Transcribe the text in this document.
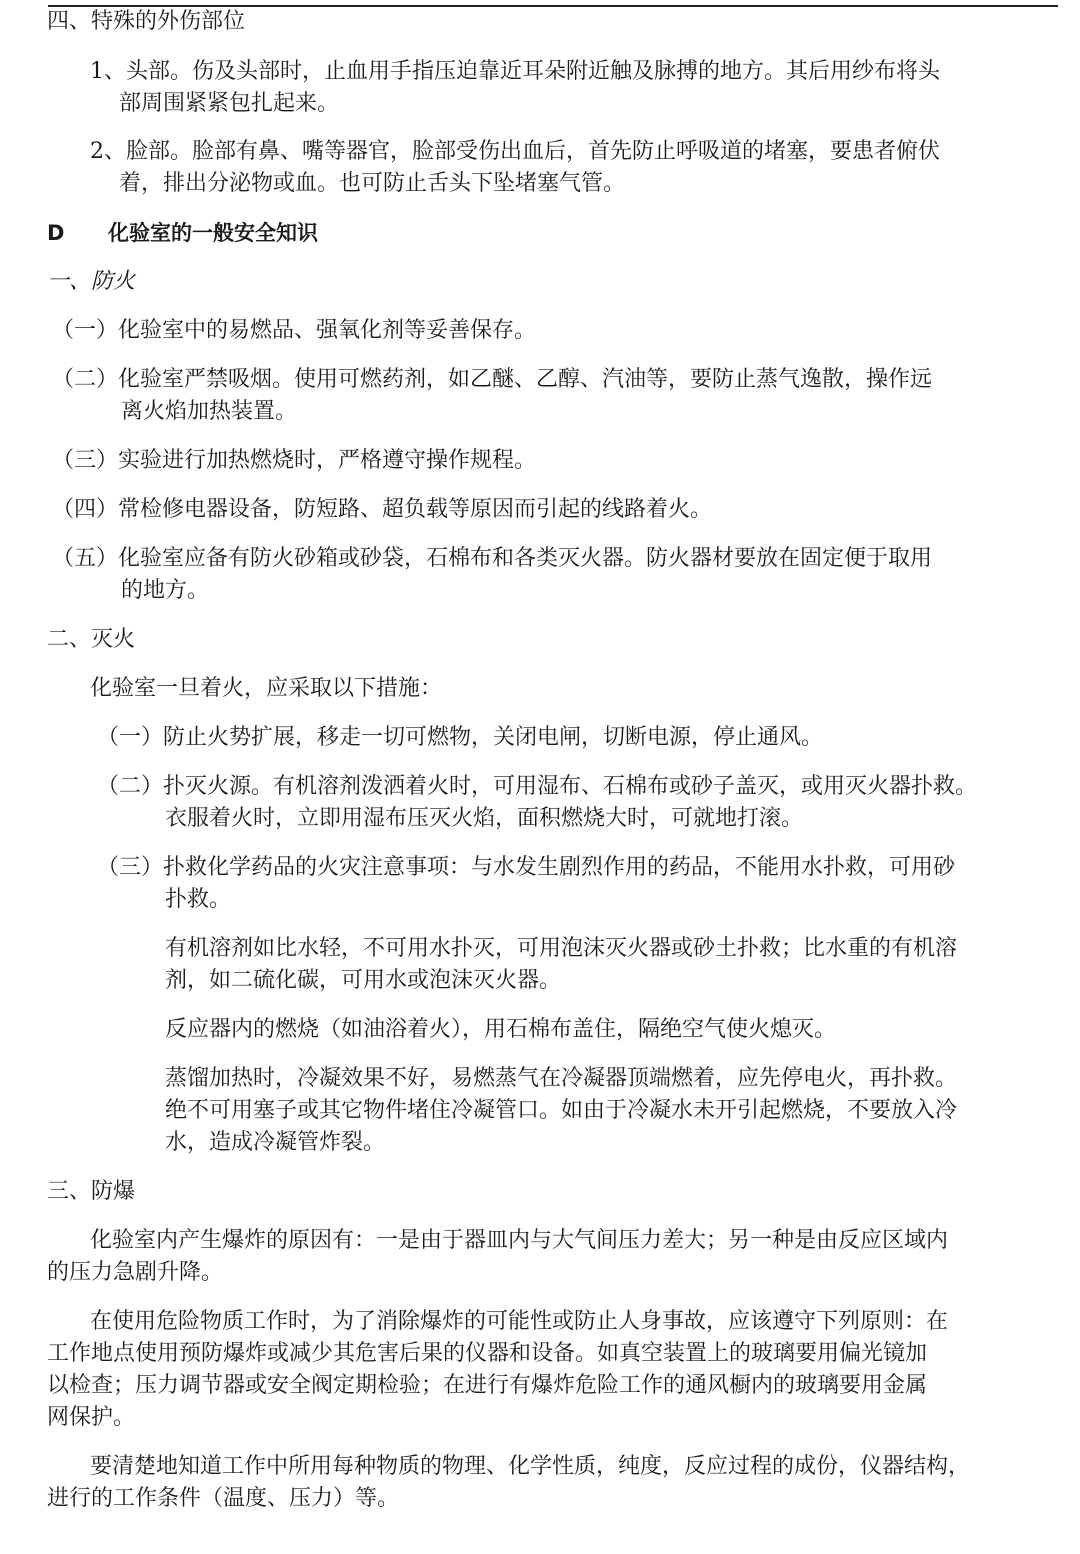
四、特殊的外伤部位
1、头部。伤及头部时，止血用手指压迫靠近耳朵附近触及脉搏的地方。其后用纱布将头
部周围紧紧包扎起来。
2、脸部。脸部有鼻、嘴等器官，脸部受伤出血后，首先防止呼吸道的堵塞，要患者俯伏
着，排出分泌物或血。也可防止舌头下坠堵塞气管。
D 化验室的一般安全知识
一、防火
（一）化验室中的易燃品、强氧化剂等妥善保存。
（二）化验室严禁吸烟。使用可燃药剂，如乙醚、乙醇、汽油等，要防止蒸气逸散，操作远
离火焰加热装置。
（三）实验进行加热燃烧时，严格遵守操作规程。
（四）常检修电器设备，防短路、超负载等原因而引起的线路着火。
（五）化验室应备有防火砂箱或砂袋，石棉布和各类灭火器。防火器材要放在固定便于取用
的地方。
二、灭火
化验室一旦着火，应采取以下措施：
（一）防止火势扩展，移走一切可燃物，关闭电闸，切断电源，停止通风。
（二）扑灭火源。有机溶剂泼洒着火时，可用湿布、石棉布或砂子盖灭，或用灭火器扑救。
衣服着火时，立即用湿布压灭火焰，面积燃烧大时，可就地打滚。
（三）扑救化学药品的火灾注意事项：与水发生剧烈作用的药品，不能用水扑救，可用砂
扑救。
有机溶剂如比水轻，不可用水扑灭，可用泡沫灭火器或砂土扑救；比水重的有机溶
剂，如二硫化碳，可用水或泡沫灭火器。
反应器内的燃烧（如油浴着火），用石棉布盖住，隔绝空气使火熄灭。
蒸馏加热时，冷凝效果不好，易燃蒸气在冷凝器顶端燃着，应先停电火，再扑救。
绝不可用塞子或其它物件堵住冷凝管口。如由于冷凝水未开引起燃烧，不要放入冷
水，造成冷凝管炸裂。
三、防爆
化验室内产生爆炸的原因有：一是由于器皿内与大气间压力差大；另一种是由反应区域内
的压力急剧升降。
在使用危险物质工作时，为了消除爆炸的可能性或防止人身事故，应该遵守下列原则：在
工作地点使用预防爆炸或减少其危害后果的仪器和设备。如真空装置上的玻璃要用偏光镜加
以检查；压力调节器或安全阀定期检验；在进行有爆炸危险工作的通风橱内的玻璃要用金属
网保护。
要清楚地知道工作中所用每种物质的物理、化学性质，纯度，反应过程的成份，仪器结构，
进行的工作条件（温度、压力）等。
